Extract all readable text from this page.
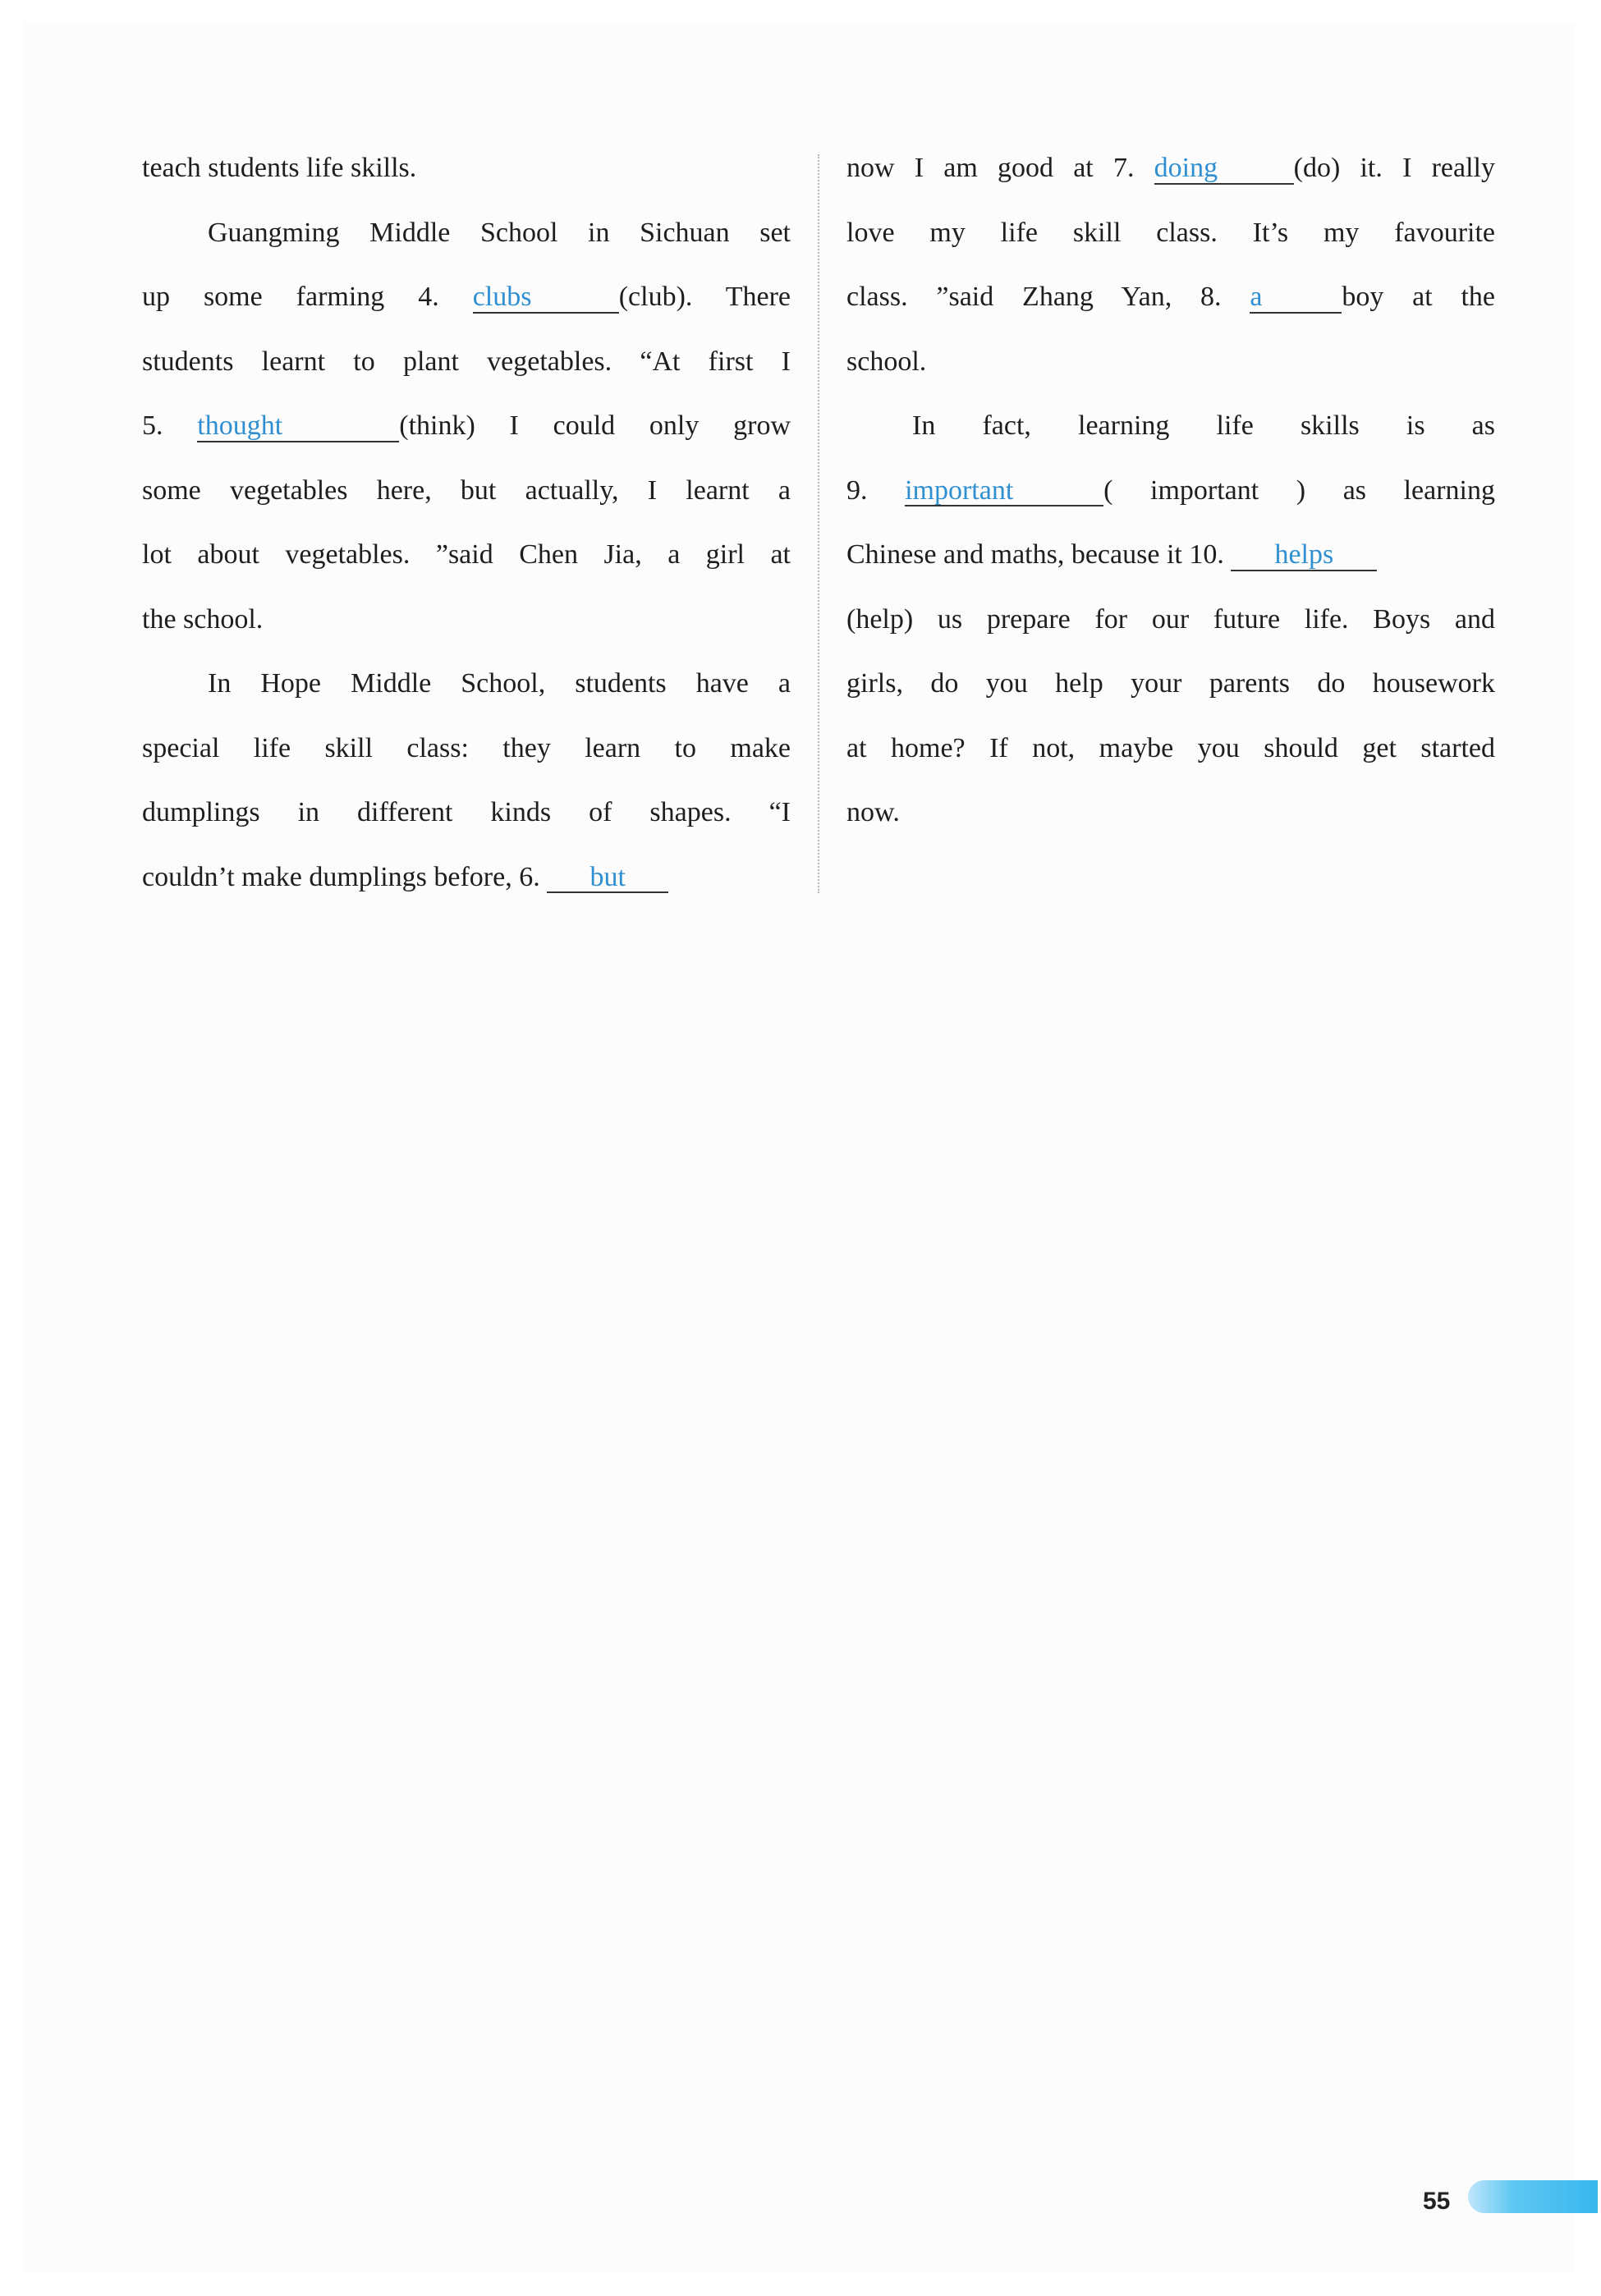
teach students life skills.
Guangming Middle School in Sichuan set
up some farming 4. clubs	(club). There
students learnt to plant vegetables. “At first I
5. thought	(think) I could only grow
some vegetables here, but actually, I learnt a
lot about vegetables. ”said Chen Jia, a girl at
the school.
In Hope Middle School, students have a
special life skill class: they learn to make
dumplings in different kinds of shapes. “I
couldn’t make dumplings before, 6. but
now I am good at 7. doing	(do) it. I really
love my life skill class. It’s my favourite
class. ”said Zhang Yan, 8. a	boy at the
school.
In fact, learning life skills is as
9. important	( important ) as learning
Chinese and maths, because it 10. helps
(help) us prepare for our future life. Boys and
girls, do you help your parents do housework
at home? If not, maybe you should get started
now.
55
